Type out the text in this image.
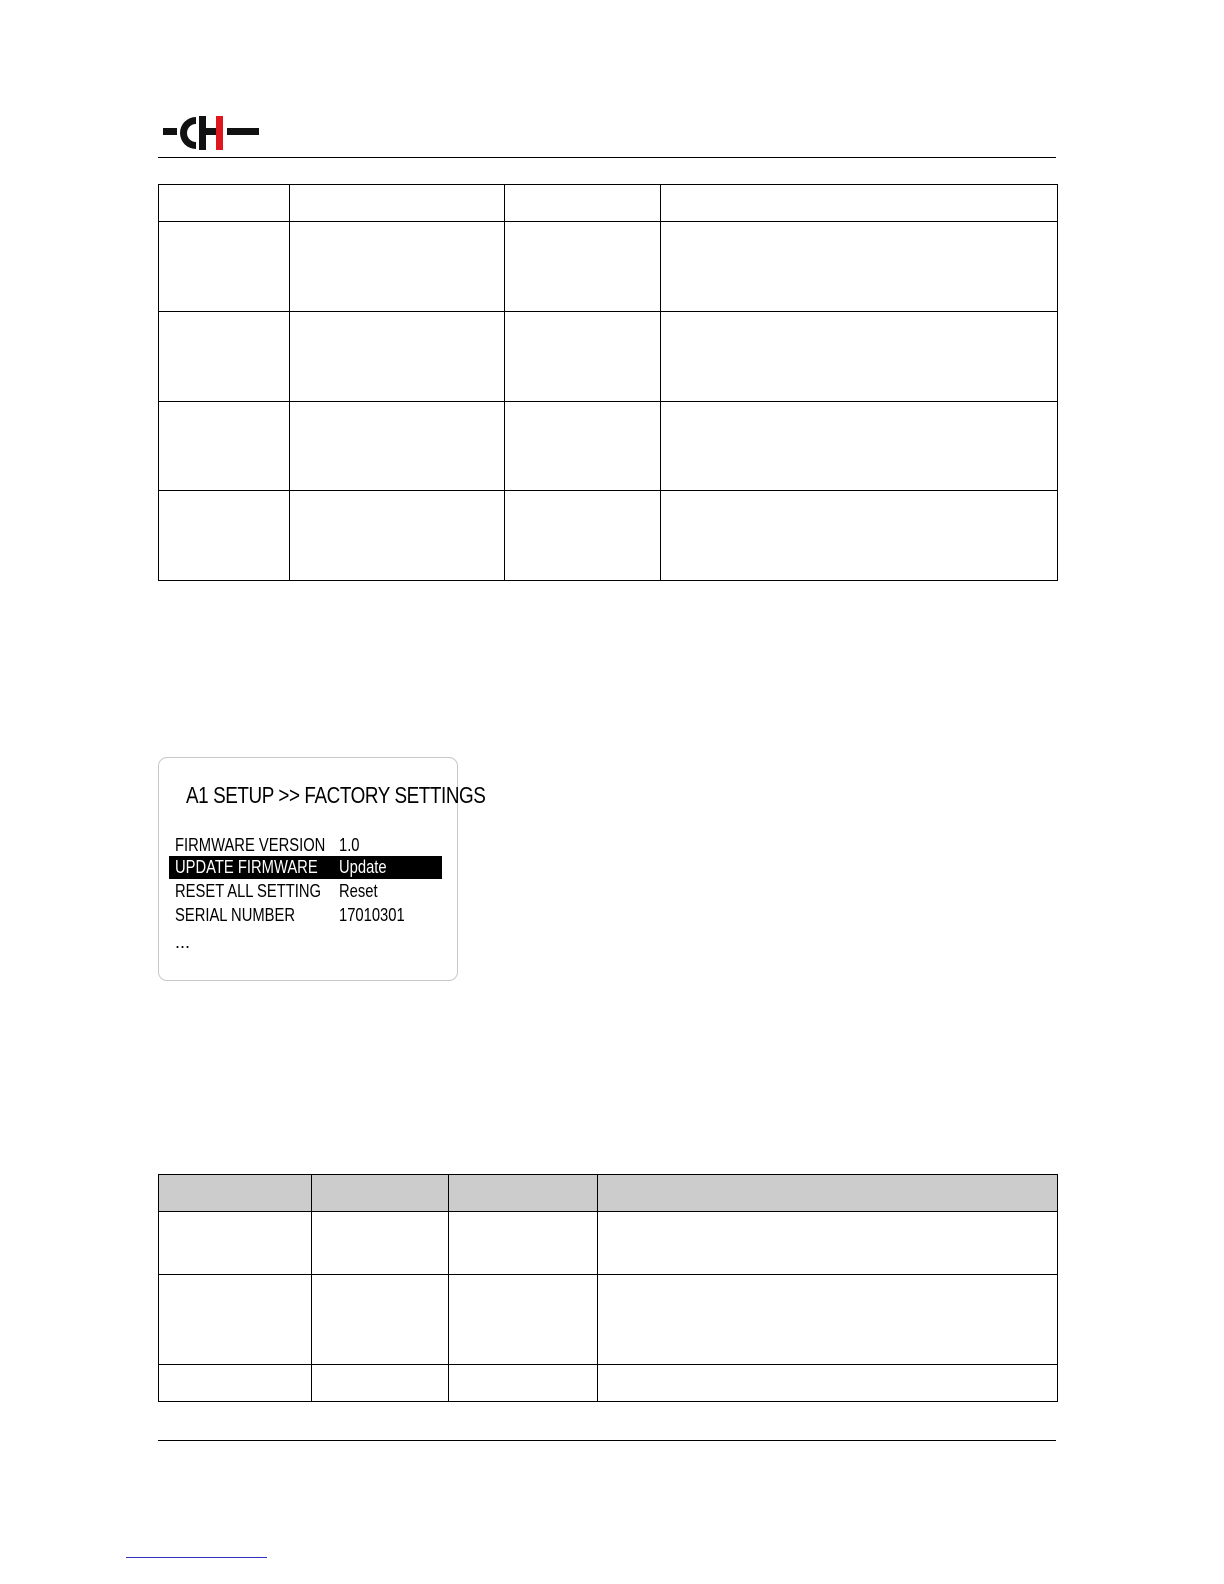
A1 SETUP >> FACTORY SETTINGS
FIRMWARE VERSION 1.0
UPDATE FIRMWARE Update
RESET ALL SETTING Reset
SERIAL NUMBER 17010301
...
